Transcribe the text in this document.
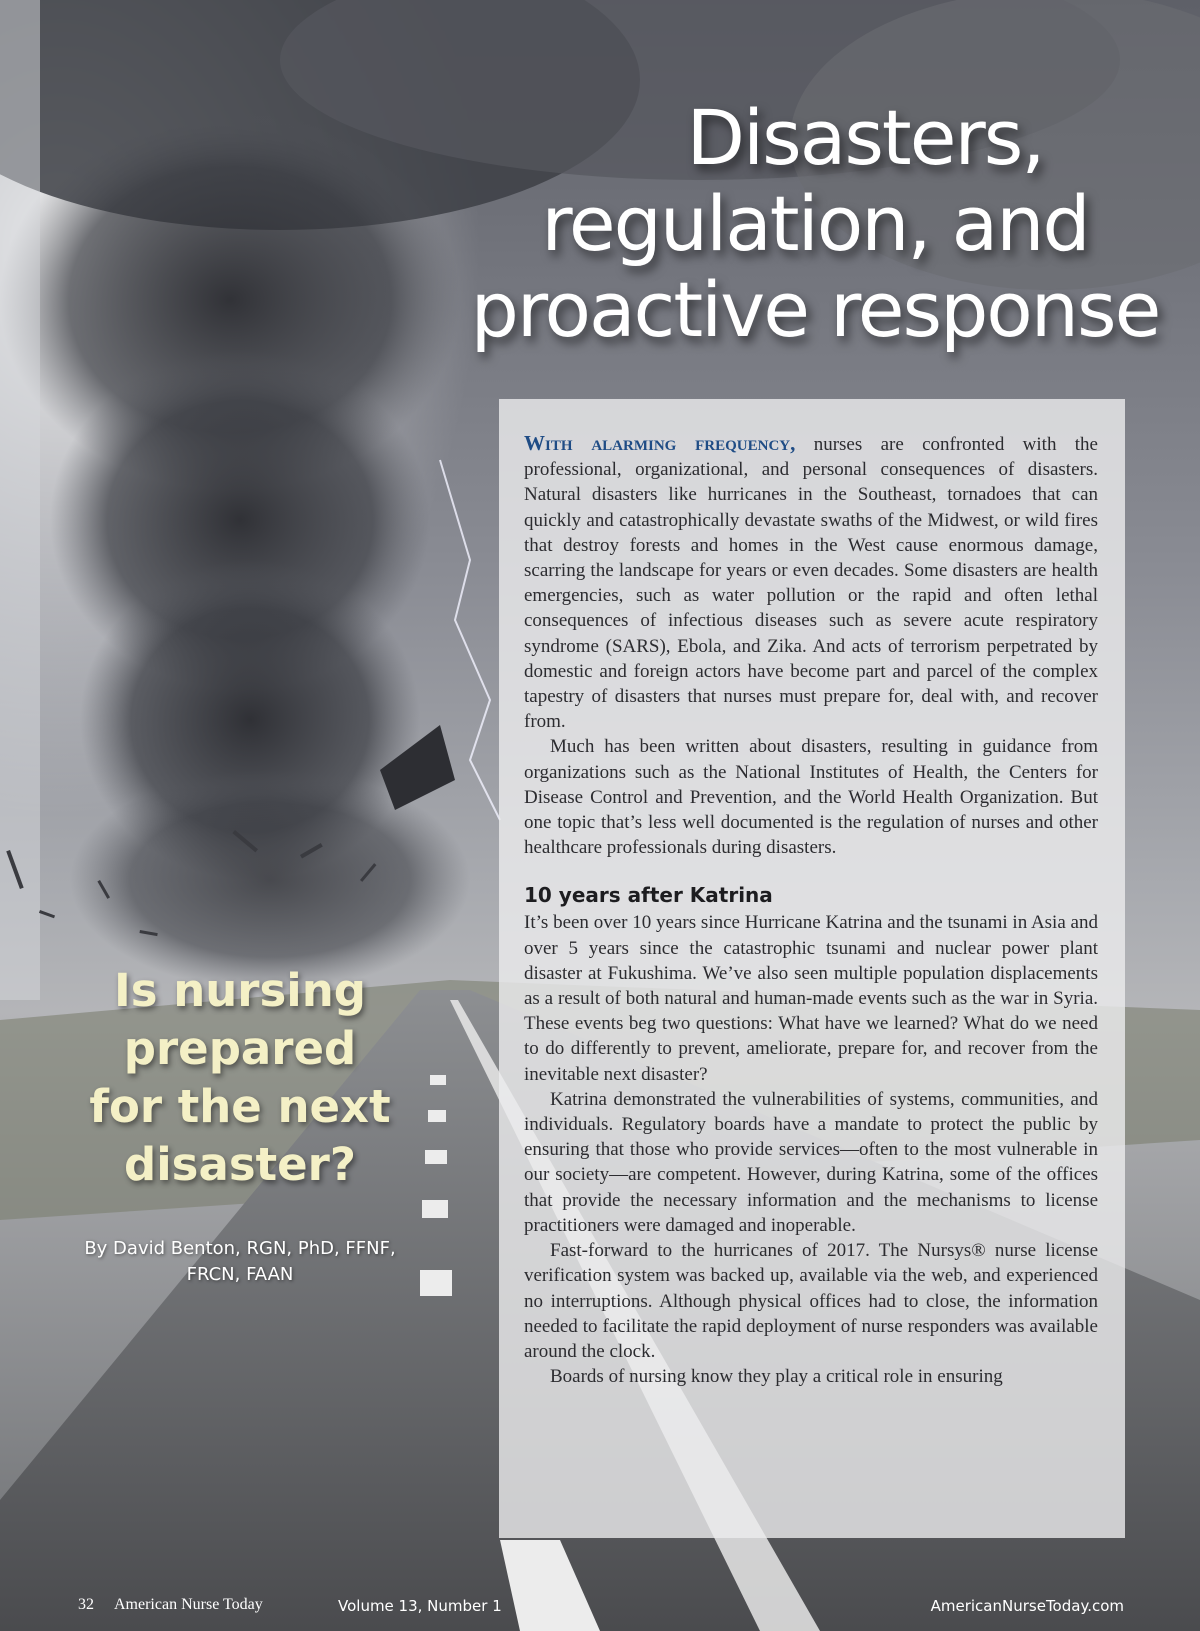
Disasters,
regulation, and
proactive response
Is nursing
prepared
for the next
disaster?
By David Benton, RGN, PhD, FFNF,
FRCN, FAAN

With alarming frequency, nurses are confronted with the professional, organizational, and personal consequences of disasters. Natural disasters like hurricanes in the Southeast, tornadoes that can quickly and catastrophically devastate swaths of the Midwest, or wild fires that destroy forests and homes in the West cause enormous damage, scarring the landscape for years or even decades. Some disasters are health emergencies, such as water pollution or the rapid and often lethal consequences of infectious diseases such as severe acute respiratory syndrome (SARS), Ebola, and Zika. And acts of terrorism perpetrated by domestic and foreign actors have become part and parcel of the complex tapestry of disasters that nurses must prepare for, deal with, and recover from.

Much has been written about disasters, resulting in guidance from organizations such as the National Institutes of Health, the Centers for Disease Control and Prevention, and the World Health Organization. But one topic that’s less well documented is the regulation of nurses and other healthcare professionals during disasters.

10 years after Katrina

It’s been over 10 years since Hurricane Katrina and the tsunami in Asia and over 5 years since the catastrophic tsunami and nuclear power plant disaster at Fukushima. We’ve also seen multiple population displacements as a result of both natural and human-made events such as the war in Syria. These events beg two questions: What have we learned? What do we need to do differently to prevent, ameliorate, prepare for, and recover from the inevitable next disaster?

Katrina demonstrated the vulnerabilities of systems, communities, and individuals. Regulatory boards have a mandate to protect the public by ensuring that those who provide services—often to the most vulnerable in our society—are competent. However, during Katrina, some of the offices that provide the necessary information and the mechanisms to license practitioners were damaged and inoperable.

Fast-forward to the hurricanes of 2017. The Nursys® nurse license verification system was backed up, available via the web, and experienced no interruptions. Although physical offices had to close, the information needed to facilitate the rapid deployment of nurse responders was available around the clock.

Boards of nursing know they play a critical role in ensuring

32 American Nurse Today	Volume 13, Number 1	AmericanNurseToday.com
